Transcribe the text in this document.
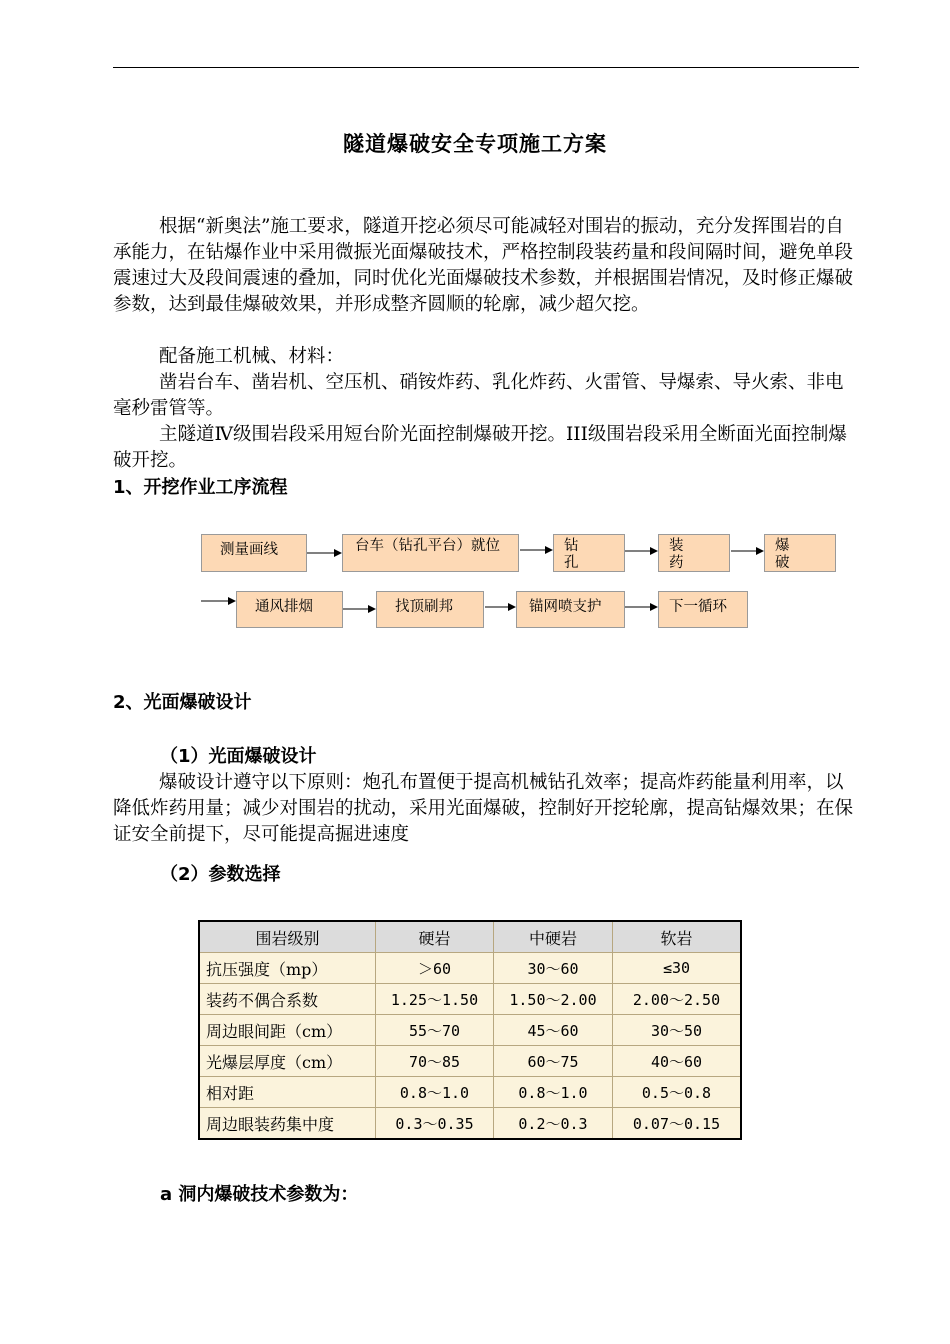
隧道爆破安全专项施工方案

根据“新奥法”施工要求，隧道开挖必须尽可能减轻对围岩的振动，充分发挥围岩的自承能力，在钻爆作业中采用微振光面爆破技术，严格控制段装药量和段间隔时间，避免单段震速过大及段间震速的叠加，同时优化光面爆破技术参数，并根据围岩情况，及时修正爆破参数，达到最佳爆破效果，并形成整齐圆顺的轮廓，减少超欠挖。

配备施工机械、材料：

凿岩台车、凿岩机、空压机、硝铵炸药、乳化炸药、火雷管、导爆索、导火索、非电毫秒雷管等。

主隧道Ⅳ级围岩段采用短台阶光面控制爆破开挖。III级围岩段采用全断面光面控制爆破开挖。

1、开挖作业工序流程
测量画线	台车（钻孔平台）就位	钻孔
装药
爆破
通风排烟	找顶刷邦	锚网喷支护	下一循环
2、光面爆破设计
（1）光面爆破设计

爆破设计遵守以下原则：炮孔布置便于提高机械钻孔效率；提高炸药能量利用率，以降低炸药用量；减少对围岩的扰动，采用光面爆破，控制好开挖轮廓，提高钻爆效果；在保证安全前提下，尽可能提高掘进速度

（2）参数选择
围岩级别	硬岩	中硬岩	软岩
抗压强度（mp）	＞60	30～60	≤30
装药不偶合系数	1.25～1.50	1.50～2.00	2.00～2.50
周边眼间距（cm）	55～70	45～60	30～50
光爆层厚度（cm）	70～85	60～75	40～60
相对距	0.8～1.0	0.8～1.0	0.5～0.8
周边眼装药集中度	0.3～0.35	0.2～0.3	0.07～0.15
a 洞内爆破技术参数为：
